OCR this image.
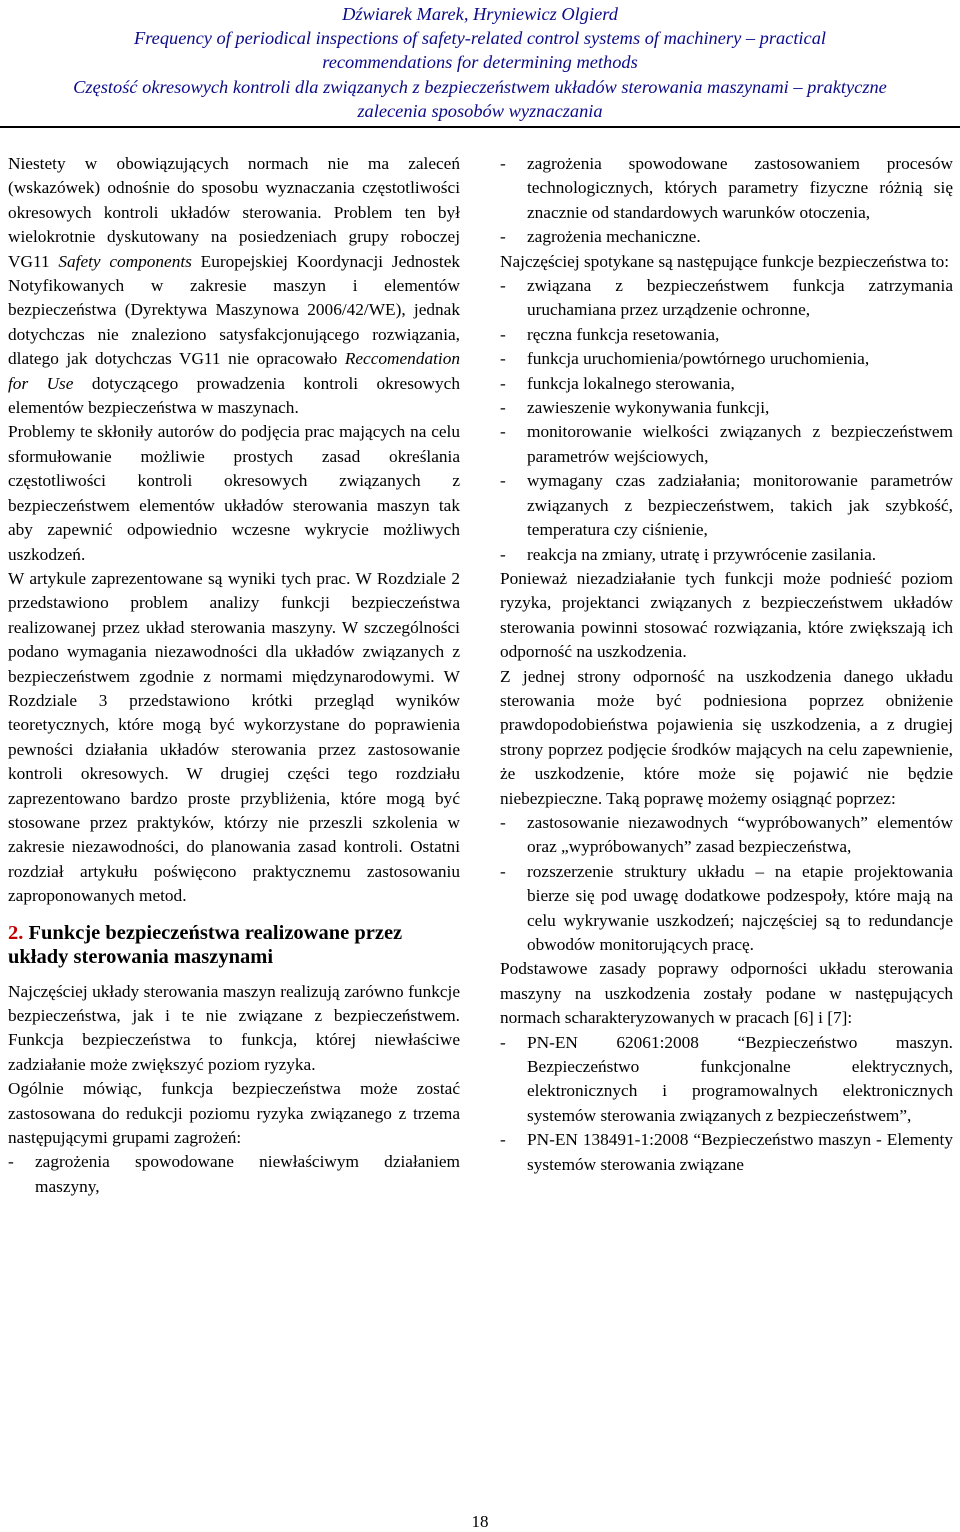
Dźwiarek Marek, Hryniewicz Olgierd
Frequency of periodical inspections of safety-related control systems of machinery – practical
recommendations for determining methods
Częstość okresowych kontroli dla związanych z bezpieczeństwem układów sterowania maszynami – praktyczne
zalecenia sposobów wyznaczania

Niestety w obowiązujących normach nie ma zaleceń (wskazówek) odnośnie do sposobu wyznaczania częstotliwości okresowych kontroli układów sterowania. Problem ten był wielokrotnie dyskutowany na posiedzeniach grupy roboczej VG11 Safety components Europejskiej Koordynacji Jednostek Notyfikowanych w zakresie maszyn i elementów bezpieczeństwa (Dyrektywa Maszynowa 2006/42/WE), jednak dotychczas nie znaleziono satysfakcjonującego rozwiązania, dlatego jak dotychczas VG11 nie opracowało Reccomendation for Use dotyczącego prowadzenia kontroli okresowych elementów bezpieczeństwa w maszynach.

Problemy te skłoniły autorów do podjęcia prac mających na celu sformułowanie możliwie prostych zasad określania częstotliwości kontroli okresowych związanych z bezpieczeństwem elementów układów sterowania maszyn tak aby zapewnić odpowiednio wczesne wykrycie możliwych uszkodzeń.

W artykule zaprezentowane są wyniki tych prac. W Rozdziale 2 przedstawiono problem analizy funkcji bezpieczeństwa realizowanej przez układ sterowania maszyny. W szczególności podano wymagania niezawodności dla układów związanych z bezpieczeństwem zgodnie z normami międzynarodowymi. W Rozdziale 3 przedstawiono krótki przegląd wyników teoretycznych, które mogą być wykorzystane do poprawienia pewności działania układów sterowania przez zastosowanie kontroli okresowych. W drugiej części tego rozdziału zaprezentowano bardzo proste przybliżenia, które mogą być stosowane przez praktyków, którzy nie przeszli szkolenia w zakresie niezawodności, do planowania zasad kontroli. Ostatni rozdział artykułu poświęcono praktycznemu zastosowaniu zaproponowanych metod.

2. Funkcje bezpieczeństwa realizowane przez układy sterowania maszynami

Najczęściej układy sterowania maszyn realizują zarówno funkcje bezpieczeństwa, jak i te nie związane z bezpieczeństwem. Funkcja bezpieczeństwa to funkcja, której niewłaściwe zadziałanie może zwiększyć poziom ryzyka.

Ogólnie mówiąc, funkcja bezpieczeństwa może zostać zastosowana do redukcji poziomu ryzyka związanego z trzema następującymi grupami zagrożeń:

- zagrożenia spowodowane niewłaściwym działaniem maszyny,
- zagrożenia spowodowane zastosowaniem procesów technologicznych, których parametry fizyczne różnią się znacznie od standardowych warunków otoczenia,
- zagrożenia mechaniczne.

Najczęściej spotykane są następujące funkcje bezpieczeństwa to:

- związana z bezpieczeństwem funkcja zatrzymania uruchamiana przez urządzenie ochronne,
- ręczna funkcja resetowania,
- funkcja uruchomienia/powtórnego uruchomienia,
- funkcja lokalnego sterowania,
- zawieszenie wykonywania funkcji,
- monitorowanie wielkości związanych z bezpieczeństwem parametrów wejściowych,
- wymagany czas zadziałania; monitorowanie parametrów związanych z bezpieczeństwem, takich jak szybkość, temperatura czy ciśnienie,
- reakcja na zmiany, utratę i przywrócenie zasilania.

Ponieważ niezadziałanie tych funkcji może podnieść poziom ryzyka, projektanci związanych z bezpieczeństwem układów sterowania powinni stosować rozwiązania, które zwiększają ich odporność na uszkodzenia.

Z jednej strony odporność na uszkodzenia danego układu sterowania może być podniesiona poprzez obniżenie prawdopodobieństwa pojawienia się uszkodzenia, a z drugiej strony poprzez podjęcie środków mających na celu zapewnienie, że uszkodzenie, które może się pojawić nie będzie niebezpieczne. Taką poprawę możemy osiągnąć poprzez:

- zastosowanie niezawodnych “wypróbowanych” elementów oraz „wypróbowanych” zasad bezpieczeństwa,
- rozszerzenie struktury układu – na etapie projektowania bierze się pod uwagę dodatkowe podzespoły, które mają na celu wykrywanie uszkodzeń; najczęściej są to redundancje obwodów monitorujących pracę.

Podstawowe zasady poprawy odporności układu sterowania maszyny na uszkodzenia zostały podane w następujących normach scharakteryzowanych w pracach [6] i [7]:

- PN-EN 62061:2008 “Bezpieczeństwo maszyn. Bezpieczeństwo funkcjonalne elektrycznych, elektronicznych i programowalnych elektronicznych systemów sterowania związanych z bezpieczeństwem”,
- PN-EN 138491-1:2008 “Bezpieczeństwo maszyn - Elementy systemów sterowania związane
18
